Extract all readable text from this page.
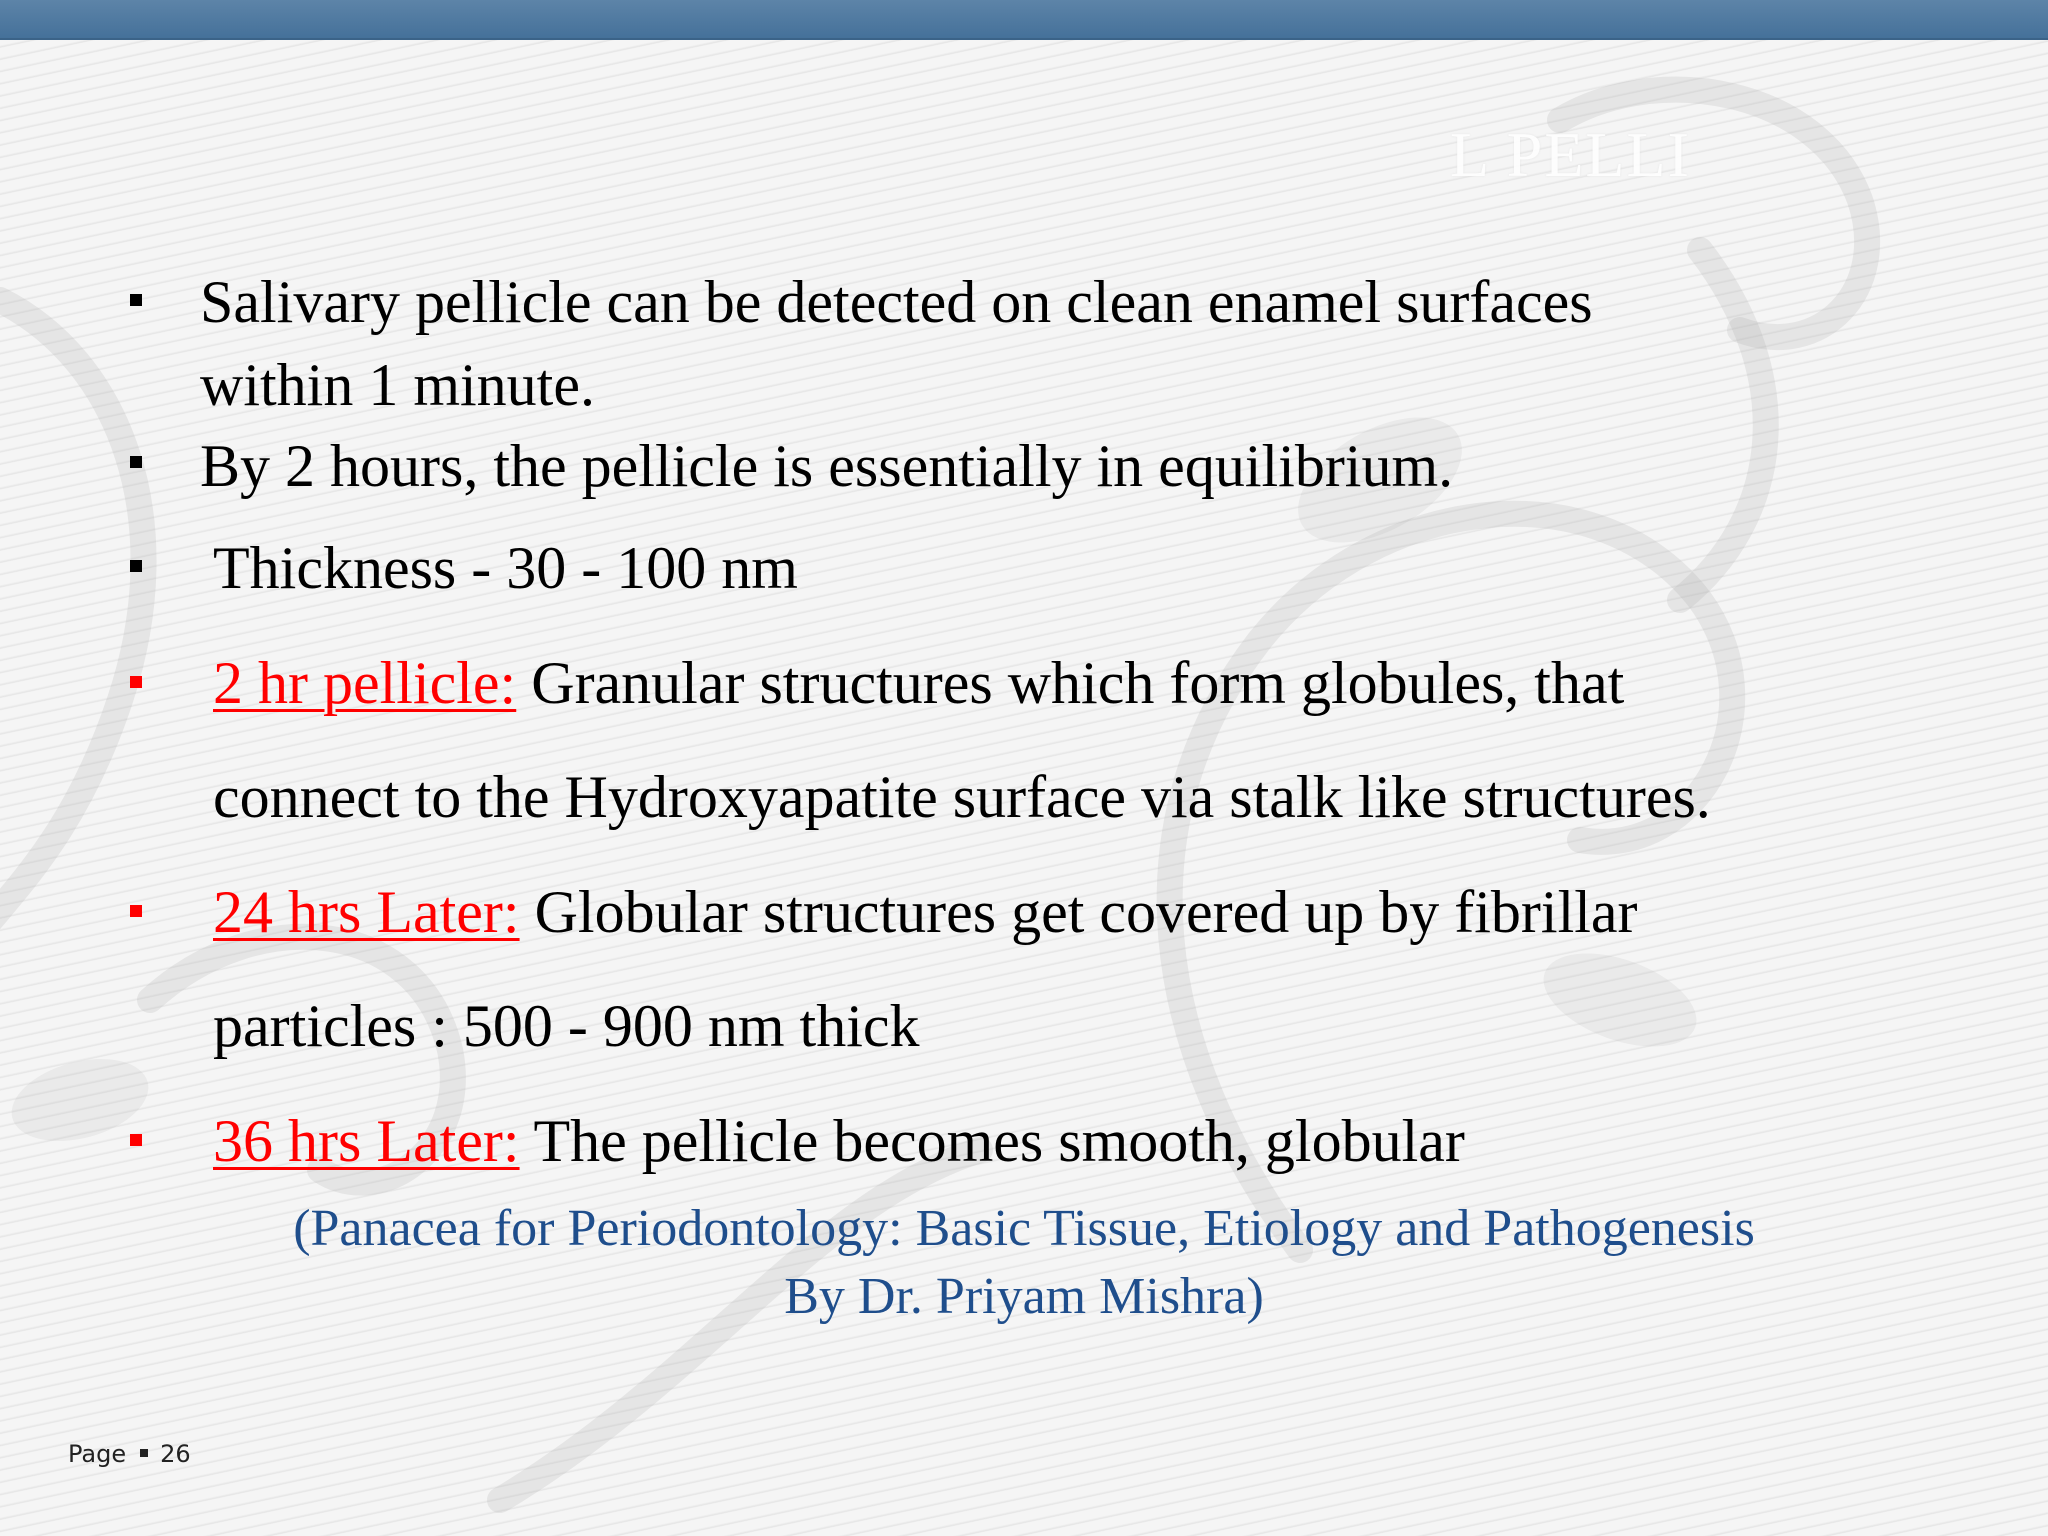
L PELLI
Salivary pellicle can be detected on clean enamel surfaces
within 1 minute.
By 2 hours, the pellicle is essentially in equilibrium.
Thickness - 30 - 100 nm
2 hr pellicle: Granular structures which form globules, that
connect to the Hydroxyapatite surface via stalk like structures.
24 hrs Later: Globular structures get covered up by fibrillar
particles : 500 - 900 nm thick
36 hrs Later: The pellicle becomes smooth, globular
(Panacea for Periodontology: Basic Tissue, Etiology and Pathogenesis
By Dr. Priyam Mishra)
Page 26
